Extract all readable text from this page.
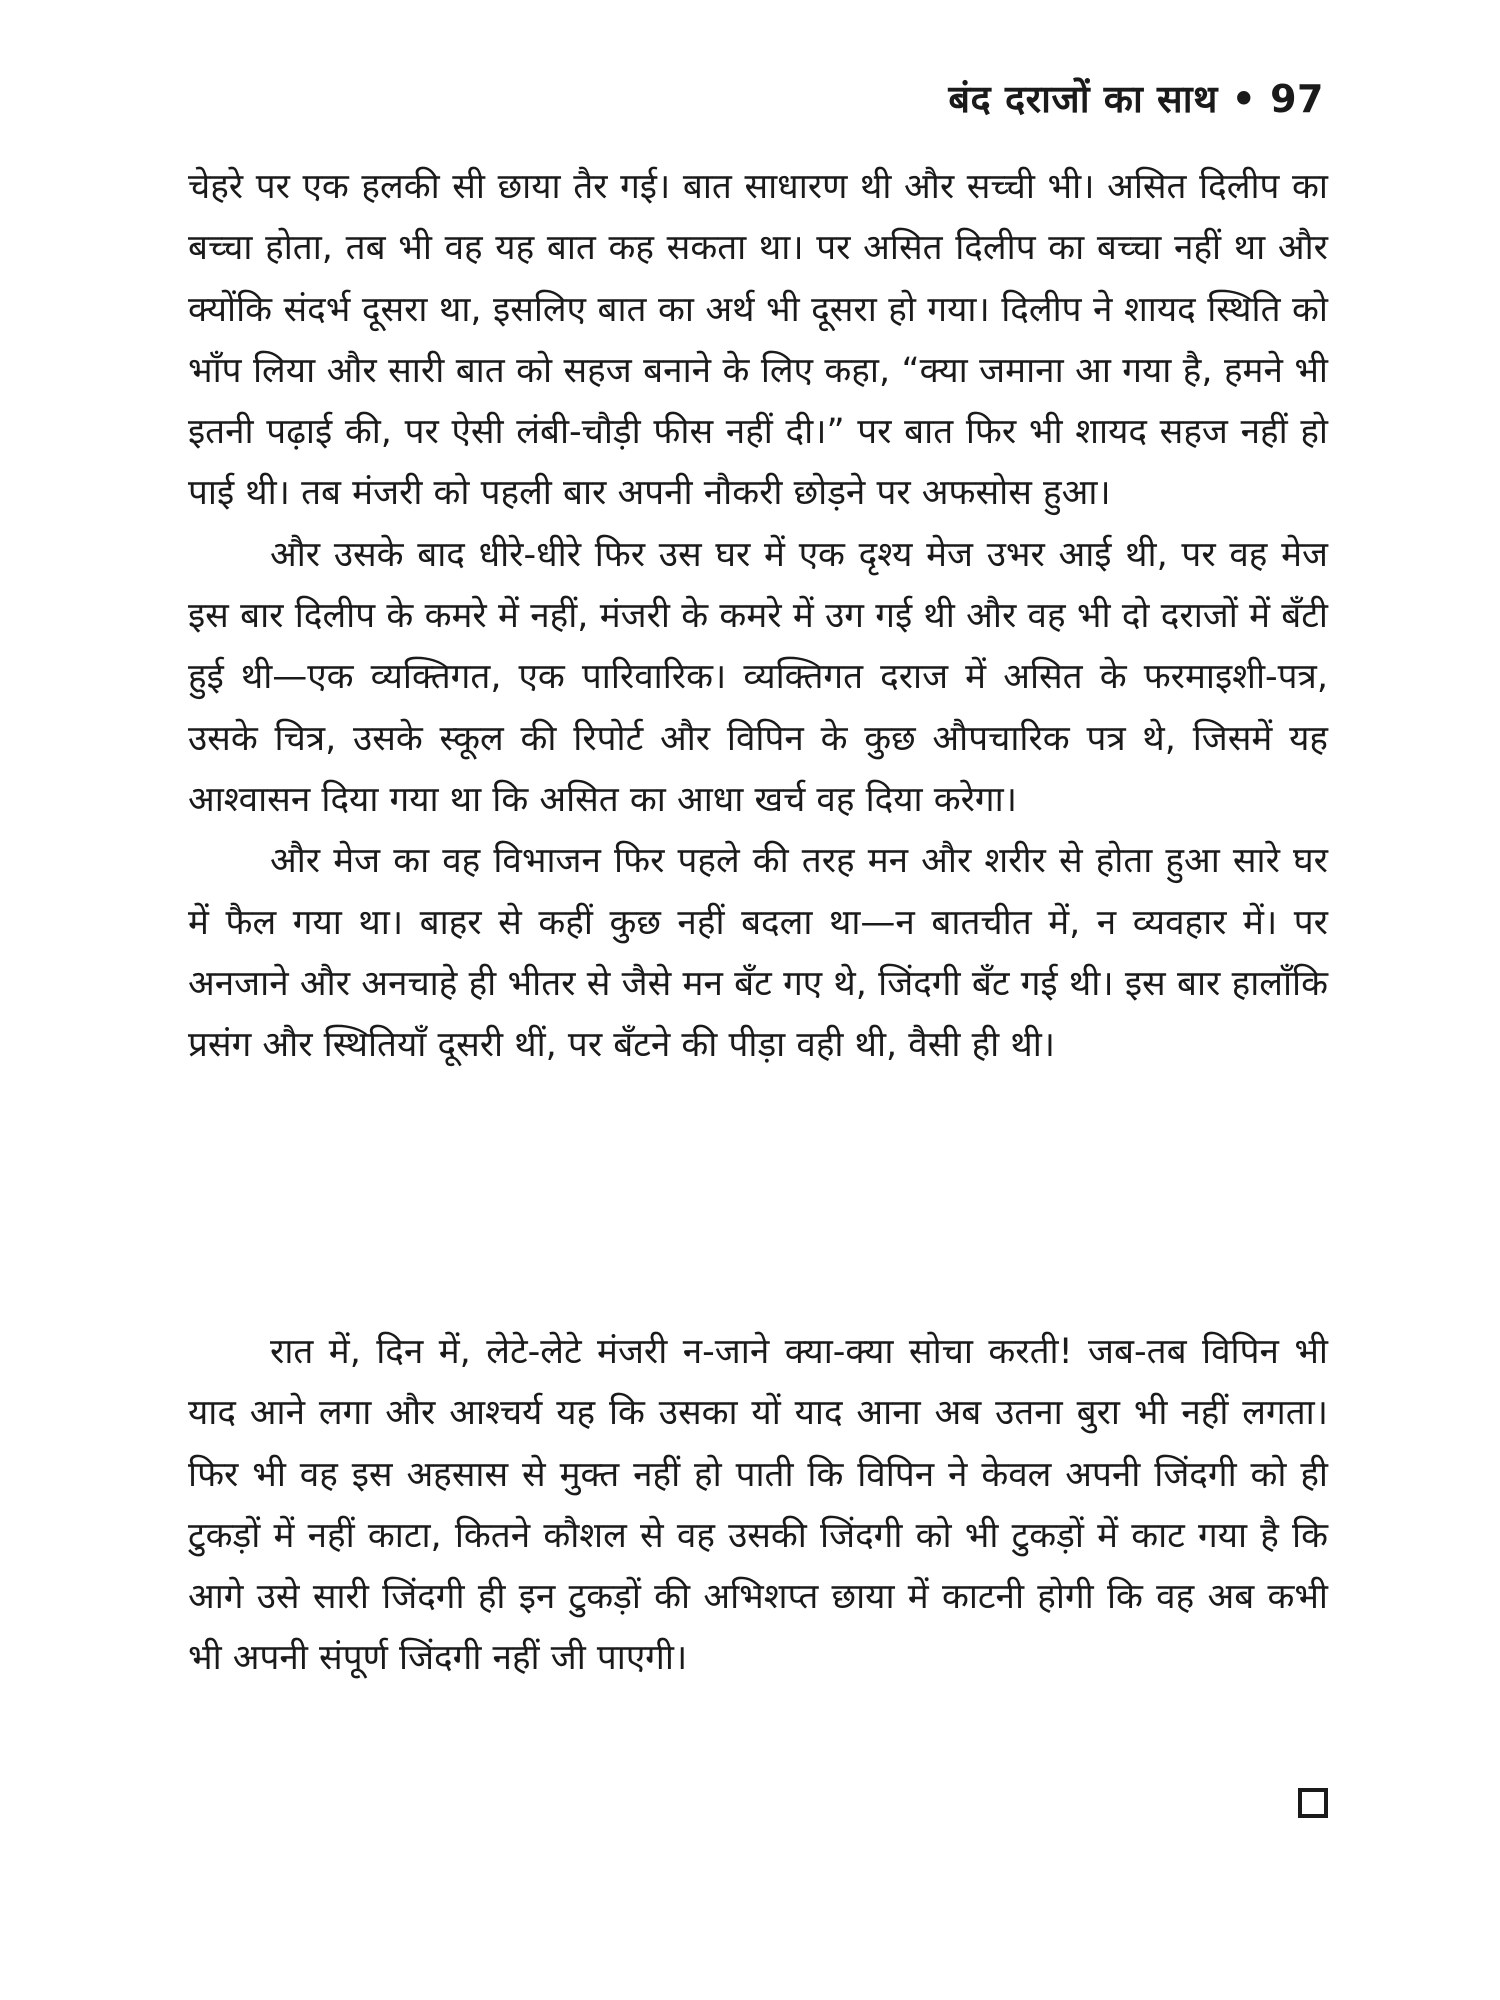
बंद दराजों का साथ • 97

चेहरे पर एक हलकी सी छाया तैर गई। बात साधारण थी और सच्ची भी। असित दिलीप का बच्चा होता, तब भी वह यह बात कह सकता था। पर असित दिलीप का बच्चा नहीं था और क्योंकि संदर्भ दूसरा था, इसलिए बात का अर्थ भी दूसरा हो गया। दिलीप ने शायद स्थिति को भाँप लिया और सारी बात को सहज बनाने के लिए कहा, “क्या जमाना आ गया है, हमने भी इतनी पढ़ाई की, पर ऐसी लंबी-चौड़ी फीस नहीं दी।” पर बात फिर भी शायद सहज नहीं हो पाई थी। तब मंजरी को पहली बार अपनी नौकरी छोड़ने पर अफसोस हुआ।

और उसके बाद धीरे-धीरे फिर उस घर में एक दृश्य मेज उभर आई थी, पर वह मेज इस बार दिलीप के कमरे में नहीं, मंजरी के कमरे में उग गई थी और वह भी दो दराजों में बँटी हुई थी—एक व्यक्तिगत, एक पारिवारिक। व्यक्तिगत दराज में असित के फरमाइशी-पत्र, उसके चित्र, उसके स्कूल की रिपोर्ट और विपिन के कुछ औपचारिक पत्र थे, जिसमें यह आश्वासन दिया गया था कि असित का आधा खर्च वह दिया करेगा।

और मेज का वह विभाजन फिर पहले की तरह मन और शरीर से होता हुआ सारे घर में फैल गया था। बाहर से कहीं कुछ नहीं बदला था—न बातचीत में, न व्यवहार में। पर अनजाने और अनचाहे ही भीतर से जैसे मन बँट गए थे, जिंदगी बँट गई थी। इस बार हालाँकि प्रसंग और स्थितियाँ दूसरी थीं, पर बँटने की पीड़ा वही थी, वैसी ही थी।

रात में, दिन में, लेटे-लेटे मंजरी न-जाने क्या-क्या सोचा करती! जब-तब विपिन भी याद आने लगा और आश्चर्य यह कि उसका यों याद आना अब उतना बुरा भी नहीं लगता। फिर भी वह इस अहसास से मुक्त नहीं हो पाती कि विपिन ने केवल अपनी जिंदगी को ही टुकड़ों में नहीं काटा, कितने कौशल से वह उसकी जिंदगी को भी टुकड़ों में काट गया है कि आगे उसे सारी जिंदगी ही इन टुकड़ों की अभिशप्त छाया में काटनी होगी कि वह अब कभी भी अपनी संपूर्ण जिंदगी नहीं जी पाएगी।
